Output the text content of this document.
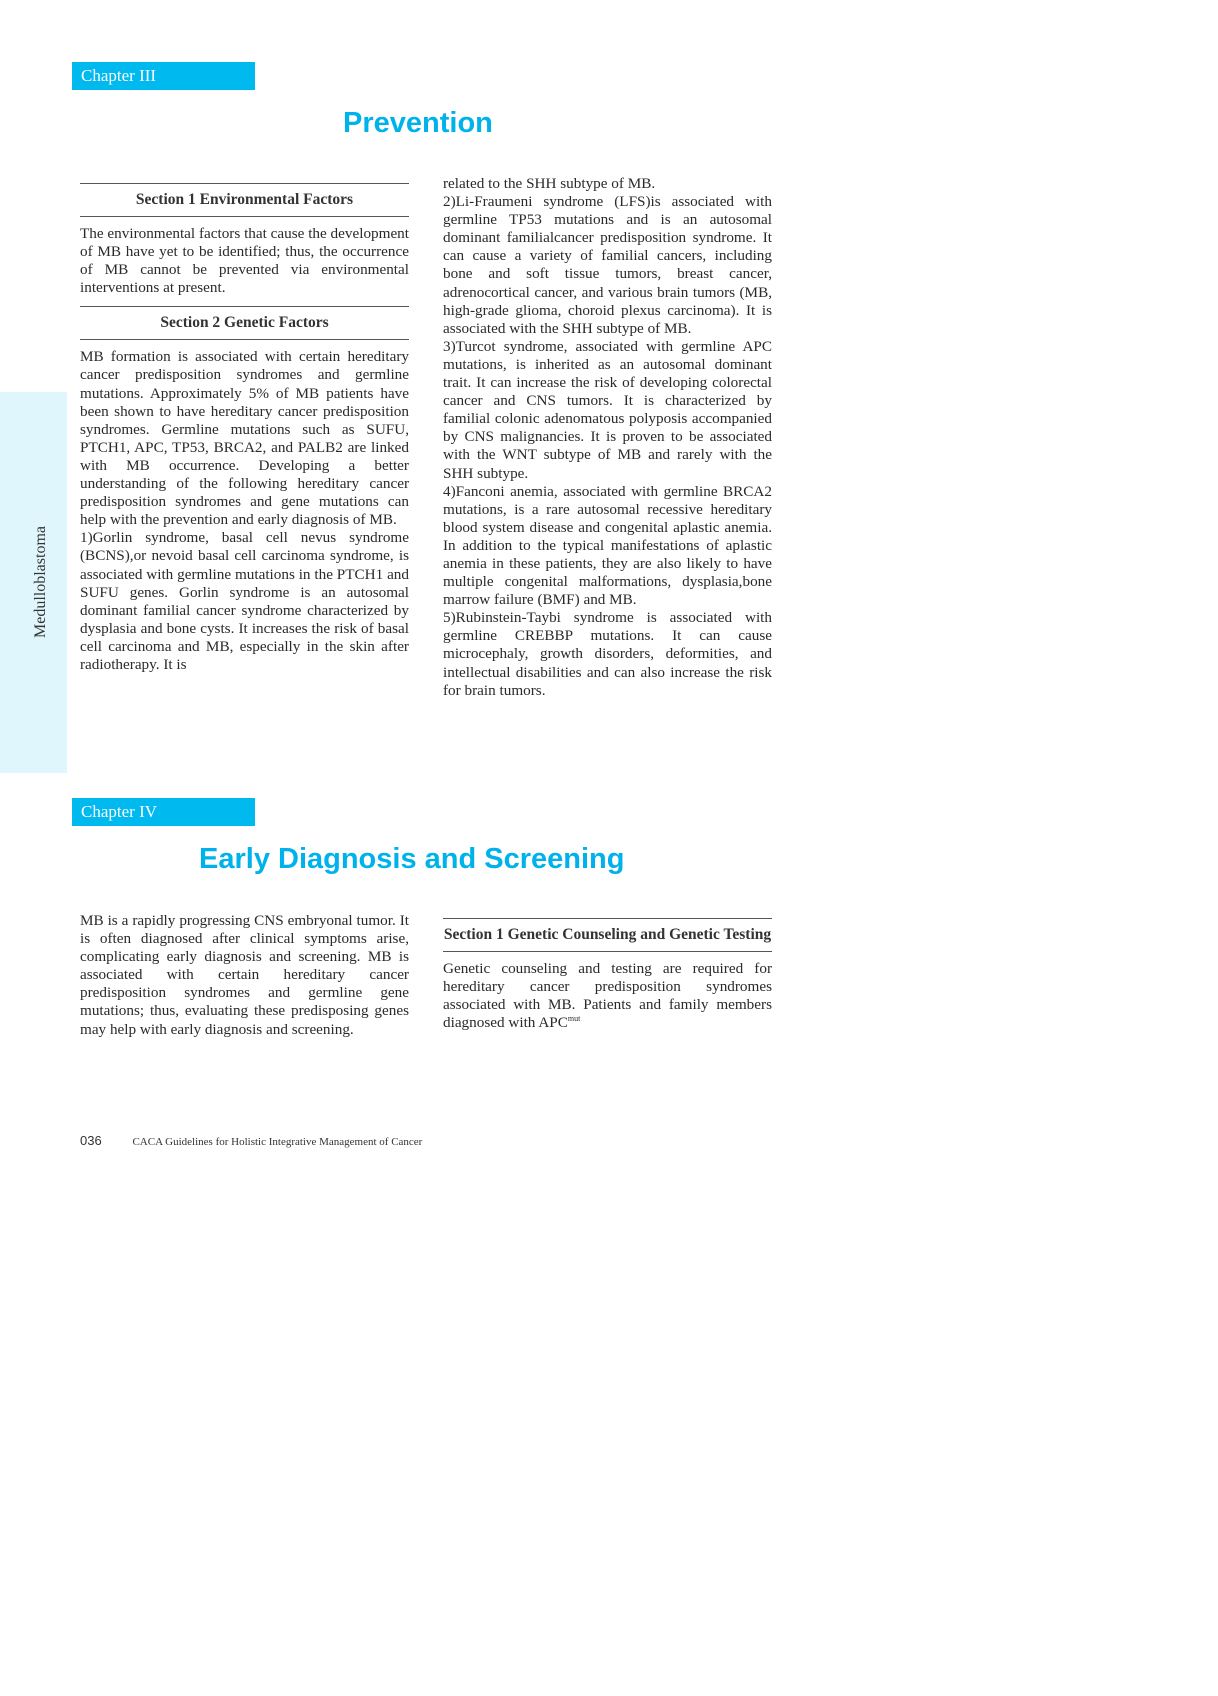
Medulloblastoma
Chapter III
Prevention
Section 1 Environmental Factors

The environmental factors that cause the development of MB have yet to be identified; thus, the occurrence of MB cannot be prevented via environmental interventions at present.

Section 2 Genetic Factors

MB formation is associated with certain hereditary cancer predisposition syndromes and germline mutations. Approximately 5% of MB patients have been shown to have hereditary cancer predisposition syndromes. Germline mutations such as SUFU, PTCH1, APC, TP53, BRCA2, and PALB2 are linked with MB occurrence. Developing a better understanding of the following hereditary cancer predisposition syndromes and gene mutations can help with the prevention and early diagnosis of MB.

1)Gorlin syndrome, basal cell nevus syndrome (BCNS),or nevoid basal cell carcinoma syndrome, is associated with germline mutations in the PTCH1 and SUFU genes. Gorlin syndrome is an autosomal dominant familial cancer syndrome characterized by dysplasia and bone cysts. It increases the risk of basal cell carcinoma and MB, especially in the skin after radiotherapy. It is

related to the SHH subtype of MB.

2)Li-Fraumeni syndrome (LFS)is associated with germline TP53 mutations and is an autosomal dominant familialcancer predisposition syndrome. It can cause a variety of familial cancers, including bone and soft tissue tumors, breast cancer, adrenocortical cancer, and various brain tumors (MB, high-grade glioma, choroid plexus carcinoma). It is associated with the SHH subtype of MB.

3)Turcot syndrome, associated with germline APC mutations, is inherited as an autosomal dominant trait. It can increase the risk of developing colorectal cancer and CNS tumors. It is characterized by familial colonic adenomatous polyposis accompanied by CNS malignancies. It is proven to be associated with the WNT subtype of MB and rarely with the SHH subtype.

4)Fanconi anemia, associated with germline BRCA2 mutations, is a rare autosomal recessive hereditary blood system disease and congenital aplastic anemia. In addition to the typical manifestations of aplastic anemia in these patients, they are also likely to have multiple congenital malformations, dysplasia,bone marrow failure (BMF) and MB.

5)Rubinstein-Taybi syndrome is associated with germline CREBBP mutations. It can cause microcephaly, growth disorders, deformities, and intellectual disabilities and can also increase the risk for brain tumors.

Chapter IV
Early Diagnosis and Screening

MB is a rapidly progressing CNS embryonal tumor. It is often diagnosed after clinical symptoms arise, complicating early diagnosis and screening. MB is associated with certain hereditary cancer predisposition syndromes and germline gene mutations; thus, evaluating these predisposing genes may help with early diagnosis and screening.

Section 1 Genetic Counseling and Genetic Testing

Genetic counseling and testing are required for hereditary cancer predisposition syndromes associated with MB. Patients and family members diagnosed with $APC^{mut}$

036	CACA Guidelines for Holistic Integrative Management of Cancer
